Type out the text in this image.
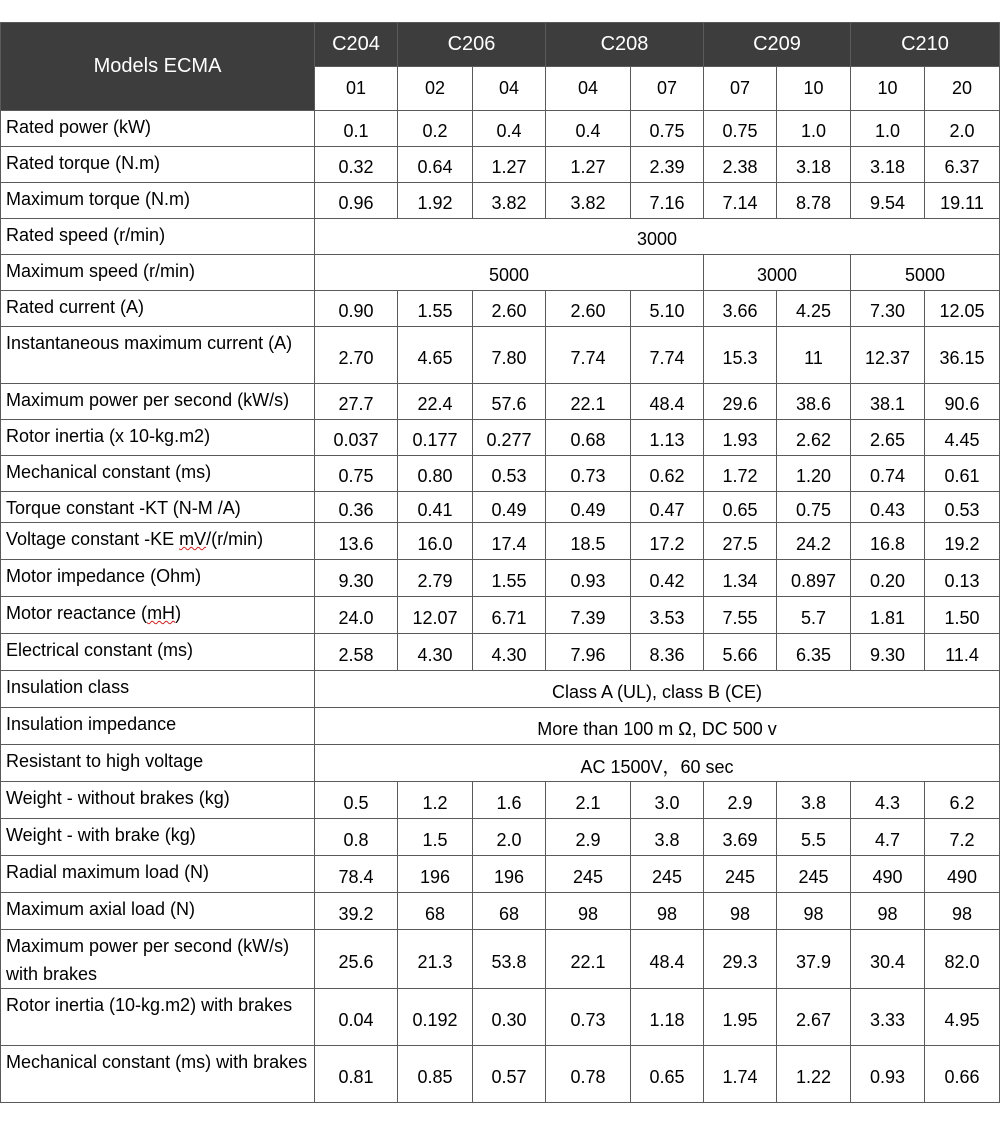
Models ECMA	C204	C206		C208		C209		C210	
	01	02	04	04	07	07	10	10	20
Rated power (kW)	0.1	0.2	0.4	0.4	0.75	0.75	1.0	1.0	2.0
Rated torque (N.m)	0.32	0.64	1.27	1.27	2.39	2.38	3.18	3.18	6.37
Maximum torque (N.m)	0.96	1.92	3.82	3.82	7.16	7.14	8.78	9.54	19.11
Rated speed (r/min)	3000								
Maximum speed (r/min)	5000					3000		5000	
Rated current (A)	0.90	1.55	2.60	2.60	5.10	3.66	4.25	7.30	12.05
Instantaneous maximum current (A)	2.70	4.65	7.80	7.74	7.74	15.3	11	12.37	36.15
Maximum power per second (kW/s)	27.7	22.4	57.6	22.1	48.4	29.6	38.6	38.1	90.6
Rotor inertia (x 10-kg.m2)	0.037	0.177	0.277	0.68	1.13	1.93	2.62	2.65	4.45
Mechanical constant (ms)	0.75	0.80	0.53	0.73	0.62	1.72	1.20	0.74	0.61
Torque constant -KT (N-M /A)	0.36	0.41	0.49	0.49	0.47	0.65	0.75	0.43	0.53
Voltage constant -KE mV/(r/min)	13.6	16.0	17.4	18.5	17.2	27.5	24.2	16.8	19.2
Motor impedance (Ohm)	9.30	2.79	1.55	0.93	0.42	1.34	0.897	0.20	0.13
Motor reactance (mH)	24.0	12.07	6.71	7.39	3.53	7.55	5.7	1.81	1.50
Electrical constant (ms)	2.58	4.30	4.30	7.96	8.36	5.66	6.35	9.30	11.4
Insulation class	Class A (UL), class B (CE)								
Insulation impedance	More than 100 m Ω, DC 500 v								
Resistant to high voltage	AC 1500V，60 sec								
Weight - without brakes (kg)	0.5	1.2	1.6	2.1	3.0	2.9	3.8	4.3	6.2
Weight - with brake (kg)	0.8	1.5	2.0	2.9	3.8	3.69	5.5	4.7	7.2
Radial maximum load (N)	78.4	196	196	245	245	245	245	490	490
Maximum axial load (N)	39.2	68	68	98	98	98	98	98	98
Maximum power per second (kW/s) with brakes	25.6	21.3	53.8	22.1	48.4	29.3	37.9	30.4	82.0
Rotor inertia (10-kg.m2) with brakes	0.04	0.192	0.30	0.73	1.18	1.95	2.67	3.33	4.95
Mechanical constant (ms) with brakes	0.81	0.85	0.57	0.78	0.65	1.74	1.22	0.93	0.66
